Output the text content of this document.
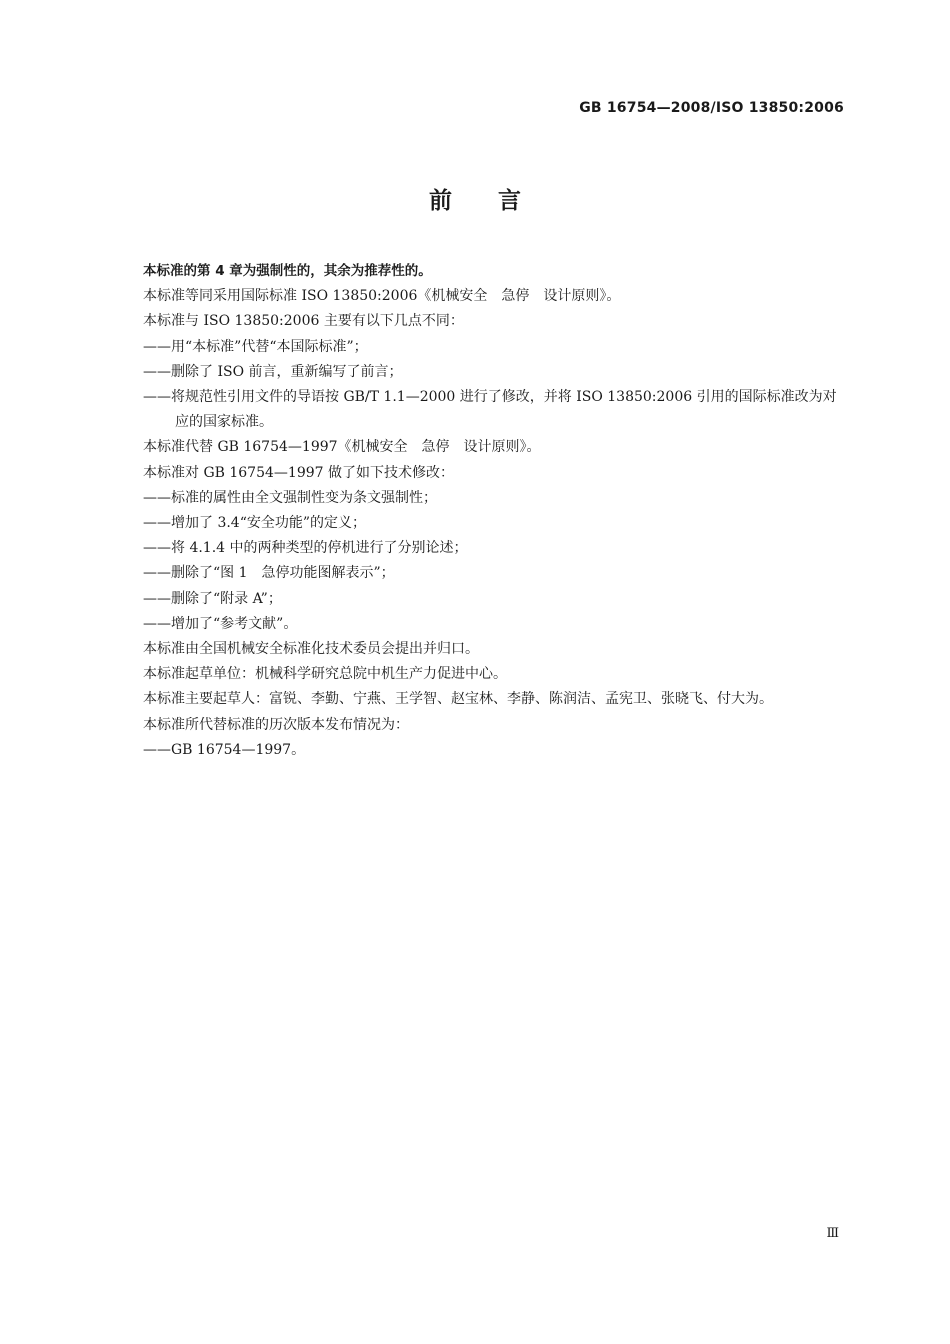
GB 16754—2008/ISO 13850:2006
前言

本标准的第 4 章为强制性的，其余为推荐性的。

本标准等同采用国际标准 ISO 13850:2006《机械安全　急停　设计原则》。

本标准与 ISO 13850:2006 主要有以下几点不同：

——用“本标准”代替“本国际标准”；

——删除了 ISO 前言，重新编写了前言；

——将规范性引用文件的导语按 GB/T 1.1—2000 进行了修改，并将 ISO 13850:2006 引用的国际标准改为对应的国家标准。

本标准代替 GB 16754—1997《机械安全　急停　设计原则》。

本标准对 GB 16754—1997 做了如下技术修改：

——标准的属性由全文强制性变为条文强制性；

——增加了 3.4“安全功能”的定义；

——将 4.1.4 中的两种类型的停机进行了分别论述；

——删除了“图 1　急停功能图解表示”；

——删除了“附录 A”；

——增加了“参考文献”。

本标准由全国机械安全标准化技术委员会提出并归口。

本标准起草单位：机械科学研究总院中机生产力促进中心。

本标准主要起草人：富锐、李勤、宁燕、王学智、赵宝林、李静、陈润洁、孟宪卫、张晓飞、付大为。

本标准所代替标准的历次版本发布情况为：

——GB 16754—1997。

Ⅲ
